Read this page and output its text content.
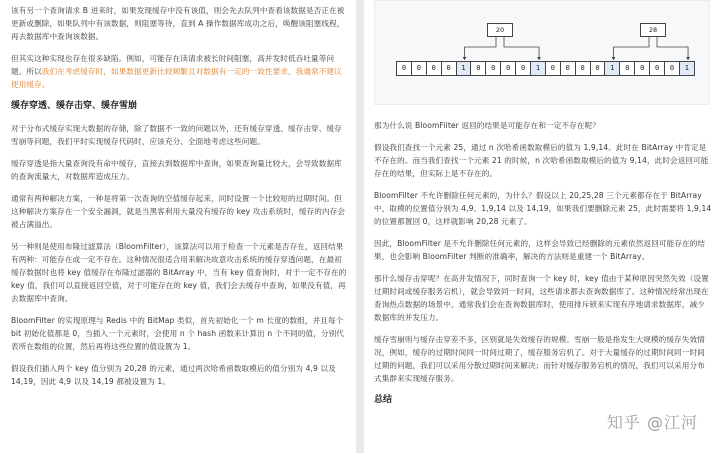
该有另一个查询请求 B 进来时，如果发现缓存中没有该值，则会先去队列中查看该数据是否正在被更新或删除，如果队列中有该数据，则阻塞等待，直到 A 操作数据库成功之后，唤醒该阻塞线程，再去数据库中查询该数据。

但其实这种实现也存在很多缺陷。例如，可能存在读请求被长时间阻塞，高并发时低吞吐量等问题。所以我们在考虑缓存时，如果数据更新比较频繁且对数据有一定的一致性要求，我通常不建议使用缓存。

缓存穿透、缓存击穿、缓存雪崩

对于分布式缓存实现大数据的存储，除了数据不一致的问题以外，还有缓存穿透、缓存击穿、缓存雪崩等问题，我们平时实现缓存代码时，应该充分、全面地考虑这些问题。

缓存穿透是指大量查询没有命中缓存，直接去到数据库中查询，如果查询量比较大，会导致数据库的查询流量大，对数据库造成压力。

通常有两种解决方案，一种是将第一次查询的空值缓存起来，同时设置一个比较短的过期时间。但这种解决方案存在一个安全漏洞，就是当黑客利用大量没有缓存的 key 攻击系统时，缓存的内存会被占满溢出。

另一种则是使用布隆过滤算法（BloomFilter），该算法可以用于检查一个元素是否存在，返回结果有两种：可能存在或一定不存在。这种情况很适合用来解决故意攻击系统的缓存穿透问题，在最初缓存数据时也将 key 值缓存在布隆过滤器的 BitArray 中，当有 key 值查询时，对于一定不存在的 key 值，我们可以直接返回空值，对于可能存在的 key 值，我们会去缓存中查询，如果没有值，再去数据库中查询。

BloomFilter 的实现原理与 Redis 中的 BitMap 类似，首先初始化一个 m 长度的数组，并且每个 bit 初始化值都是 0，当插入一个元素时，会使用 n 个 hash 函数来计算出 n 个不同的值，分别代表所在数组的位置，然后再将这些位置的值设置为 1。

假设我们插入两个 key 值分别为 20,28 的元素，通过两次哈希函数取模后的值分别为 4,9 以及 14,19，因此 4,9 以及 14,19 都被设置为 1。

20	28
0	0	0	0	1	0	0	0	0	1	0	0	0	0	1	0	0	0	0	1

那为什么说 BloomFilter 返回的结果是可能存在和一定不存在呢？

假设我们查找一个元素 25，通过 n 次哈希函数取模后的值为 1,9,14。此时在 BitArray 中肯定是不存在的。而当我们查找一个元素 21 的时候，n 次哈希函数取模后的值为 9,14，此时会返回可能存在的结果，但实际上是不存在的。

BloomFilter 不允许删除任何元素的，为什么？假设以上 20,25,28 三个元素都存在于 BitArray 中，取模的位置值分别为 4,9、1,9,14 以及 14,19，如果我们要删除元素 25，此时需要将 1,9,14 的位置都置回 0，这样就影响 20,28 元素了。

因此，BloomFilter 是不允许删除任何元素的，这样会导致已经删除的元素依然返回可能存在的结果，也会影响 BloomFilter 判断的准确率，解决的方法则是重建一个 BitArray。

那什么缓存击穿呢？在高并发情况下，同时查询一个 key 时，key 值由于某种原因突然失效（设置过期时间或缓存服务宕机），就会导致同一时间，这些请求都去查询数据库了。这种情况经常出现在查询热点数据的场景中。通常我们会在查询数据库时，使用排斥锁来实现有序地请求数据库，减少数据库的并发压力。

缓存雪崩则与缓存击穿差不多，区别就是失效缓存的规模。雪崩一般是指发生大规模的缓存失效情况，例如，缓存的过期时间同一时间过期了，缓存服务宕机了。对于大量缓存的过期时间同一时间过期的问题，我们可以采用分散过期时间来解决；而针对缓存服务宕机的情况，我们可以采用分布式集群来实现缓存服务。

总结
知乎 @江河
